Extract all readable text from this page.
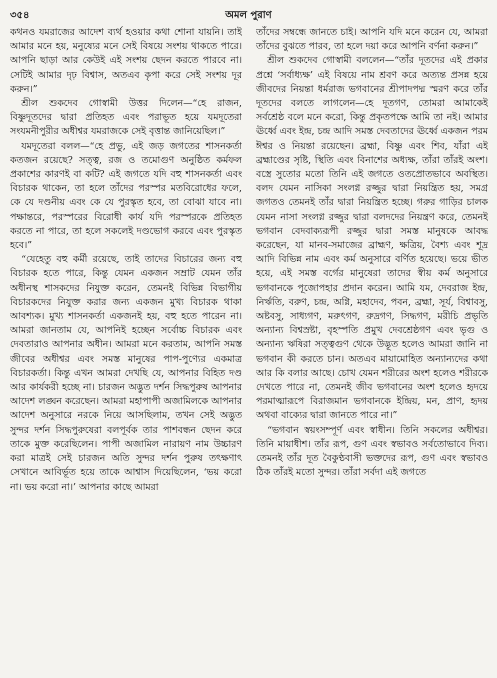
৩৫৪	অমল পুরাণ

কথনও যমরাজের আদেশ ব্যর্থ হওয়ার কথা শোনা যায়নি। তাই আমার মনে হয়, মনুষ্যের মনে সেই বিষয়ে সংশয় থাকতে পারে। আপনি ছাড়া আর কেউই এই সংশয় ছেদন করতে পারবে না। সেটিই আমার দৃঢ় বিশ্বাস, অতএব কৃপা করে সেই সংশয় দূর করুন।”

শ্রীল শুকদেব গোস্বামী উত্তর দিলেন—“হে রাজন, বিষ্ণুদূতদের দ্বারা প্রতিহত এবং পরাভূত হয়ে যমদূতেরা সংযমনীপুরীর অধীশ্বর যমরাজকে সেই বৃত্তান্ত জানিয়েছিল।”

যমদূতেরা বলল—“হে প্রভু, এই জড় জগতের শাসনকর্তা কতজন রয়েছে? সত্ত্ব, রজ ও তমোগুণ অনুষ্ঠিত কর্মফল প্রকাশের কারণই বা কটি? এই জগতে যদি বহু শাসনকর্তা এবং বিচারক থাকেন, তা হলে তাঁদের পরস্পর মতবিরোধের ফলে, কে যে দণ্ডনীয় এবং কে যে পুরস্কৃত হবে, তা বোঝা যাবে না। পক্ষান্তরে, পরস্পরের বিরোধী কার্য যদি পরস্পরকে প্রতিহত করতে না পারে, তা হলে সকলেই দণ্ডভোগ করবে এবং পুরস্কৃত হবে।”

“যেহেতু বহু কর্মী রয়েছে, তাই তাদের বিচারের জন্য বহু বিচারক হতে পারে, কিন্তু যেমন একজন সম্রাট যেমন তাঁর অধীনস্থ শাসকদের নিযুক্ত করেন, তেমনই বিভিন্ন বিভাগীয় বিচারকদের নিযুক্ত করার জন্য একজন মুখ্য বিচারক থাকা আবশ্যক। মুখ্য শাসনকর্তা একজনই হয়, বহু হতে পারেন না। আমরা জানতাম যে, আপনিই হচ্ছেন সর্বোচ্চ বিচারক এবং দেবতারাও আপনার অধীন। আমরা মনে করতাম, আপনি সমস্ত জীবের অধীশ্বর এবং সমস্ত মানুষের পাপ-পুণ্যের একমাত্র বিচারকর্তা। কিন্তু এখন আমরা দেখছি যে, আপনার বিহিত দণ্ড আর কার্যকরী হচ্ছে না। চারজন অদ্ভুত দর্শন সিদ্ধপুরুষ আপনার আদেশ লঙ্ঘন করেছেন। আমরা মহাপাপী অজামিলকে আপনার আদেশ অনুসারে নরকে নিয়ে আসছিলাম, তখন সেই অদ্ভুত সুন্দর দর্শন সিদ্ধপুরুষেরা বলপূর্বক তার পাশবন্ধন ছেদন করে তাকে মুক্ত করেছিলেন। পাপী অজামিল নারায়ণ নাম উচ্চারণ করা মাত্রই সেই চারজন অতি সুন্দর দর্শন পুরুষ তৎক্ষণাৎ সেখানে আবির্ভূত হয়ে তাকে আশ্বাস দিয়েছিলেন, ‘ভয় করো না। ভয় করো না।’ আপনার কাছে আমরা

তাঁদের সম্বন্ধে জানতে চাই। আপনি যদি মনে করেন যে, আমরা তাঁদের বুঝতে পারব, তা হলে দয়া করে আপনি বর্ণনা করুন।”

শ্রীল শুকদেব গোস্বামী বললেন—“তাঁর দূতদের এই প্রকার প্রশ্নে ‘সর্বাধ্যক্ষ’ এই বিষয়ে নাম শ্রবণ করে অত্যন্ত প্রসন্ন হয়ে জীবদের নিয়ন্তা ধর্মরাজ ভগবানের শ্রীপাদপদ্ম স্মরণ করে তাঁর দূতদের বলতে লাগলেন—হে দূতগণ, তোমরা আমাকেই সর্বশ্রেষ্ঠ বলে মনে করো, কিন্তু প্রকৃতপক্ষে আমি তা নই। আমার ঊর্ধ্বে এবং ইন্দ্র, চন্দ্র আদি সমস্ত দেবতাদের ঊর্ধ্বে একজন পরম ঈশ্বর ও নিয়ন্তা রয়েছেন। ব্রহ্মা, বিষ্ণু এবং শিব, যাঁরা এই ব্রহ্মাণ্ডের সৃষ্টি, স্থিতি এবং বিনাশের অধ্যক্ষ, তাঁরা তাঁরই অংশ। বস্ত্রে সুতোর মতো তিনি এই জগতে ওতপ্রোতভাবে অবস্থিত। বলদ যেমন নাসিকা সংলগ্ন রজ্জুর দ্বারা নিয়ন্ত্রিত হয়, সমগ্র জগতও তেমনই তাঁর দ্বারা নিয়ন্ত্রিত হচ্ছে। গরুর গাড়ির চালক যেমন নাসা সংলগ্ন রজ্জুর দ্বারা বলদদের নিয়ন্ত্রণ করে, তেমনই ভগবান বেদবাক্যরূপী রজ্জুর দ্বারা সমস্ত মানুষকে আবদ্ধ করেছেন, যা মানব-সমাজের ব্রাহ্মণ, ক্ষত্রিয়, বৈশ্য এবং শূদ্র আদি বিভিন্ন নাম এবং কর্ম অনুসারে বর্ণিত হয়েছে। ভয়ে ভীত হয়ে, এই সমস্ত বর্গের মানুষেরা তাদের স্বীয় কর্ম অনুসারে ভগবানকে পূজোপহার প্রদান করেন। আমি যম, দেবরাজ ইন্দ্র, নির্ঋতি, বরুণ, চন্দ্র, অগ্নি, মহাদেব, পবন, ব্রহ্মা, সূর্য, বিশ্বাবসু, অষ্টবসু, সাধ্যগণ, মরুৎগণ, রুদ্রগণ, সিদ্ধগণ, মরীচি প্রভৃতি অন্যান্য বিশ্বস্রষ্টা, বৃহস্পতি প্রমুখ দেবশ্রেষ্ঠগণ এবং ভৃগু ও অন্যান্য ঋষিরা সত্ত্বগুণ থেকে উদ্ভূত হলেও আমরা জানি না ভগবান কী করতে চান। অতএব মায়ামোহিত অন্যান্যদের কথা আর কি বলার আছে। চোখ যেমন শরীরের অংশ হলেও শরীরকে দেখতে পারে না, তেমনই জীব ভগবানের অংশ হলেও হৃদয়ে পরমাত্মারূপে বিরাজমান ভগবানকে ইন্দ্রিয়, মন, প্রাণ, হৃদয় অথবা বাক্যের দ্বারা জানতে পারে না।”

“ভগবান স্বয়ংসম্পূর্ণ এবং স্বাধীন। তিনি সকলের অধীশ্বর। তিনি মায়াধীশ। তাঁর রূপ, গুণ এবং স্বভাবও সর্বতোভাবে দিব্য। তেমনই তাঁর দূত বৈকুণ্ঠবাসী ভক্তদের রূপ, গুণ এবং স্বভাবও ঠিক তাঁরই মতো সুন্দর। তাঁরা সর্বদা এই জগতে
